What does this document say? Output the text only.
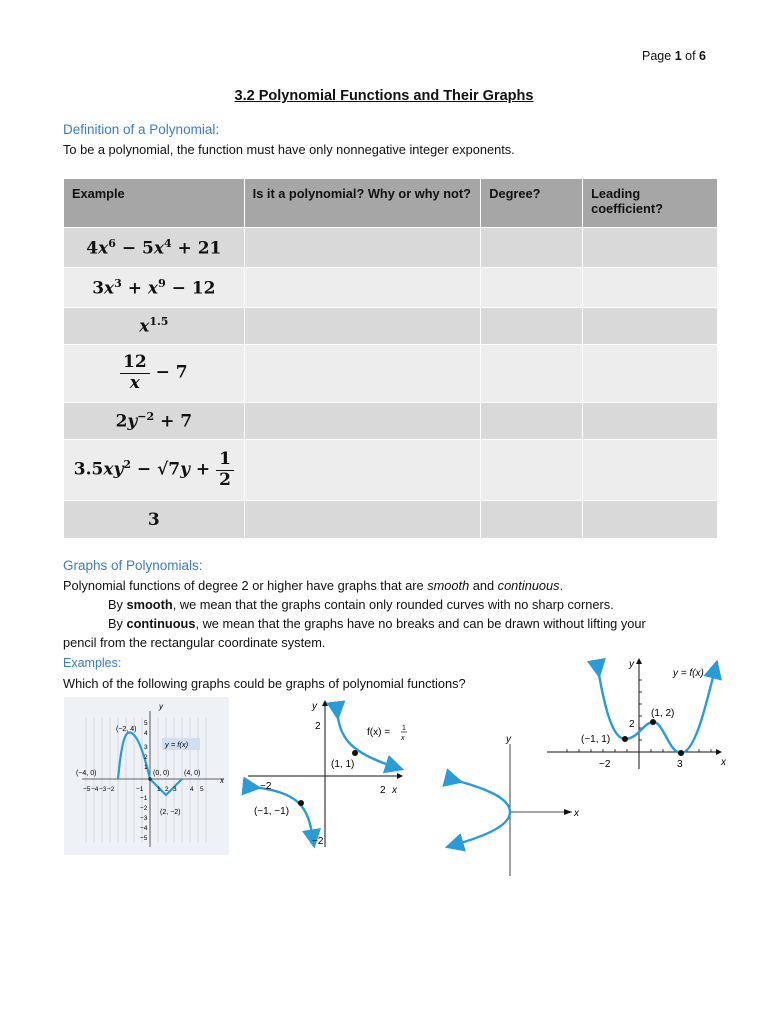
Page 1 of 6
3.2 Polynomial Functions and Their Graphs
Definition of a Polynomial:
To be a polynomial, the function must have only nonnegative integer exponents.
Example	Is it a polynomial? Why or why not?	Degree?	Leading coefficient?
$4x^6 - 5x^4 + 21$			
$3x^3 + x^9 - 12$			
$x^{1.5}$			

$\frac{12}{x} - 7$			
$2y^{-2} + 7$			
$3.5xy^2 - √7y + \frac{1}{2}$

3			
Graphs of Polynomials:
Polynomial functions of degree 2 or higher have graphs that are smooth and continuous.
By smooth, we mean that the graphs contain only rounded curves with no sharp corners.
By continuous, we mean that the graphs have no breaks and can be drawn without lifting your
pencil from the rectangular coordinate system.
Examples:
Which of the following graphs could be graphs of polynomial functions?
y
x
y = f(x)
(−2, 4)
(−4, 0)	(0, 0) (4, 0)
(2, −2)
−5 −4 −3 −2	−1 1 2 3 4 5
5
4
3
2
1
−1
−2
−3
−4
−5
y
x
f(x) = 1
x
(1, 1)
(−1, −1)
2
−2	2
−2
y
x
y
x
y = f(x)
(1, 2)
(−1, 1)
2
−2	3
